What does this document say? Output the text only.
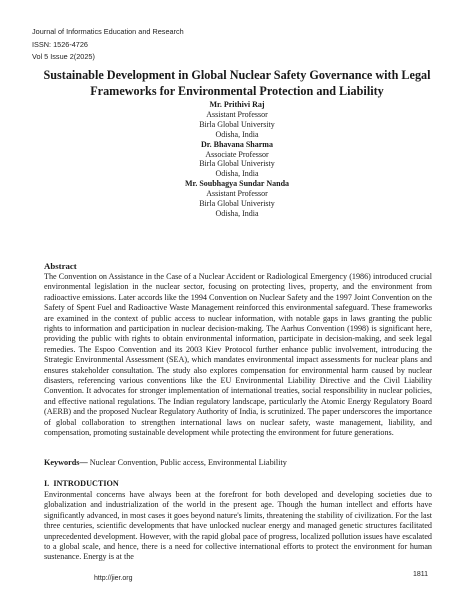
Journal of Informatics Education and Research
ISSN: 1526-4726
Vol 5 Issue 2(2025)
Sustainable Development in Global Nuclear Safety Governance with Legal Frameworks for Environmental Protection and Liability
Mr. Prithivi Raj
Assistant Professor
Birla Global University
Odisha, India
Dr. Bhavana Sharma
Associate Professor
Birla Global Univeristy
Odisha, India
Mr. Soubhagya Sundar Nanda
Assistant Professor
Birla Global Univeristy
Odisha, India
Abstract
The Convention on Assistance in the Case of a Nuclear Accident or Radiological Emergency (1986) introduced crucial environmental legislation in the nuclear sector, focusing on protecting lives, property, and the environment from radioactive emissions. Later accords like the 1994 Convention on Nuclear Safety and the 1997 Joint Convention on the Safety of Spent Fuel and Radioactive Waste Management reinforced this environmental safeguard. These frameworks are examined in the context of public access to nuclear information, with notable gaps in laws granting the public rights to information and participation in nuclear decision-making. The Aarhus Convention (1998) is significant here, providing the public with rights to obtain environmental information, participate in decision-making, and seek legal remedies. The Espoo Convention and its 2003 Kiev Protocol further enhance public involvement, introducing the Strategic Environmental Assessment (SEA), which mandates environmental impact assessments for nuclear plans and ensures stakeholder consultation. The study also explores compensation for environmental harm caused by nuclear disasters, referencing various conventions like the EU Environmental Liability Directive and the Civil Liability Convention. It advocates for stronger implementation of international treaties, social responsibility in nuclear policies, and effective national regulations. The Indian regulatory landscape, particularly the Atomic Energy Regulatory Board (AERB) and the proposed Nuclear Regulatory Authority of India, is scrutinized. The paper underscores the importance of global collaboration to strengthen international laws on nuclear safety, waste management, liability, and compensation, promoting sustainable development while protecting the environment for future generations.
Keywords— Nuclear Convention, Public access, Environmental Liability
I. INTRODUCTION
Environmental concerns have always been at the forefront for both developed and developing societies due to globalization and industrialization of the world in the present age. Though the human intellect and efforts have significantly advanced, in most cases it goes beyond nature's limits, threatening the stability of civilization. For the last three centuries, scientific developments that have unlocked nuclear energy and managed genetic structures facilitated unprecedented development. However, with the rapid global pace of progress, localized pollution issues have escalated to a global scale, and hence, there is a need for collective international efforts to protect the environment for human sustenance. Energy is at the
http://jier.org
1811
